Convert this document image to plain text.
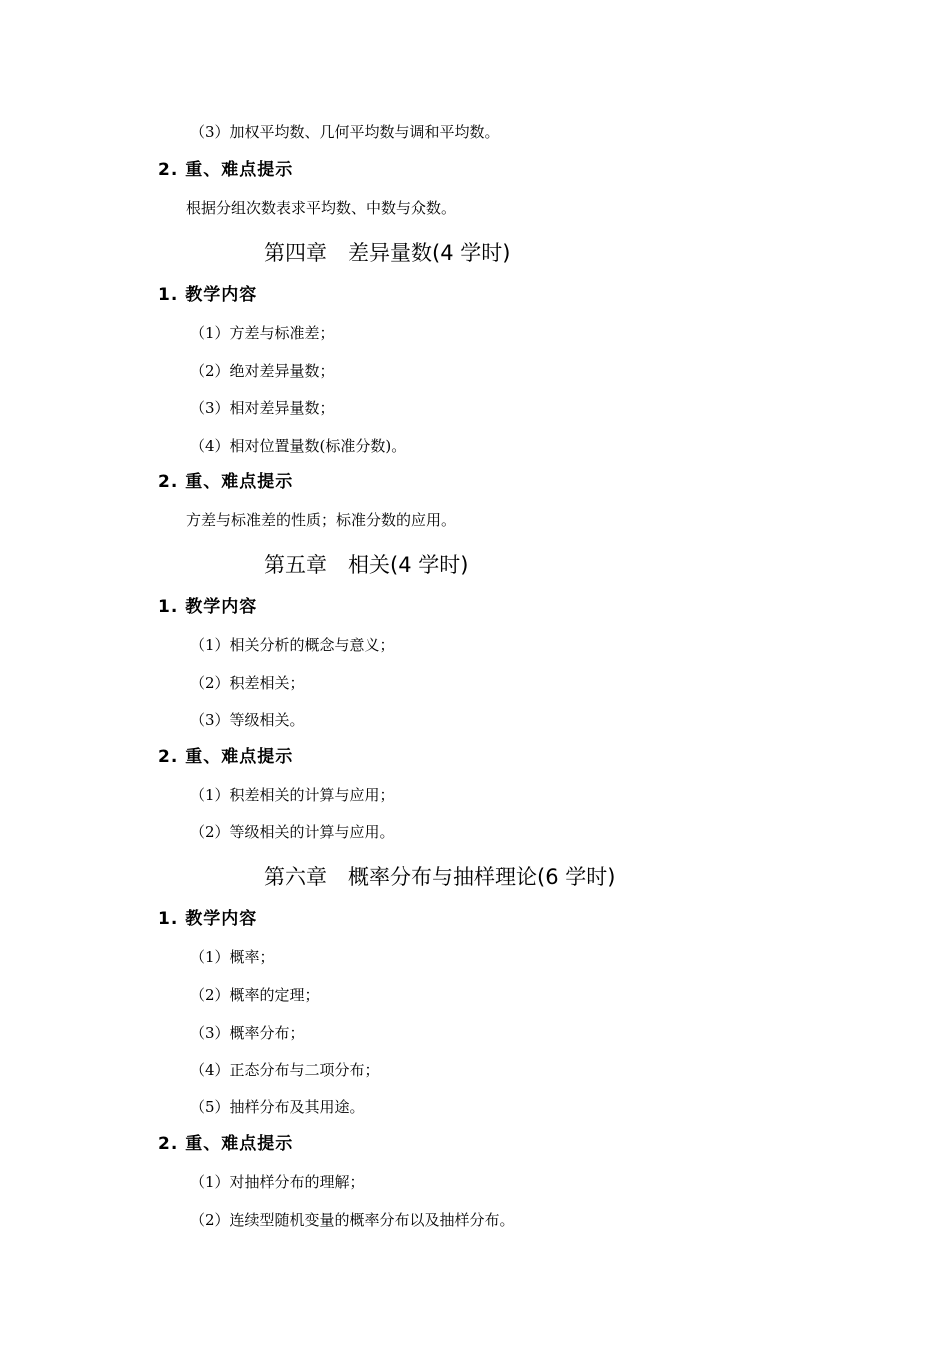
（3）加权平均数、几何平均数与调和平均数。
2. 重、难点提示
根据分组次数表求平均数、中数与众数。
第四章　差异量数(4 学时)
1. 教学内容
（1）方差与标准差；
（2）绝对差异量数；
（3）相对差异量数；
（4）相对位置量数(标准分数)。
2. 重、难点提示
方差与标准差的性质；标准分数的应用。
第五章　相关(4 学时)
1. 教学内容
（1）相关分析的概念与意义；
（2）积差相关；
（3）等级相关。
2. 重、难点提示
（1）积差相关的计算与应用；
（2）等级相关的计算与应用。
第六章　概率分布与抽样理论(6 学时)
1. 教学内容
（1）概率；
（2）概率的定理；
（3）概率分布；
（4）正态分布与二项分布；
（5）抽样分布及其用途。
2. 重、难点提示
（1）对抽样分布的理解；
（2）连续型随机变量的概率分布以及抽样分布。
